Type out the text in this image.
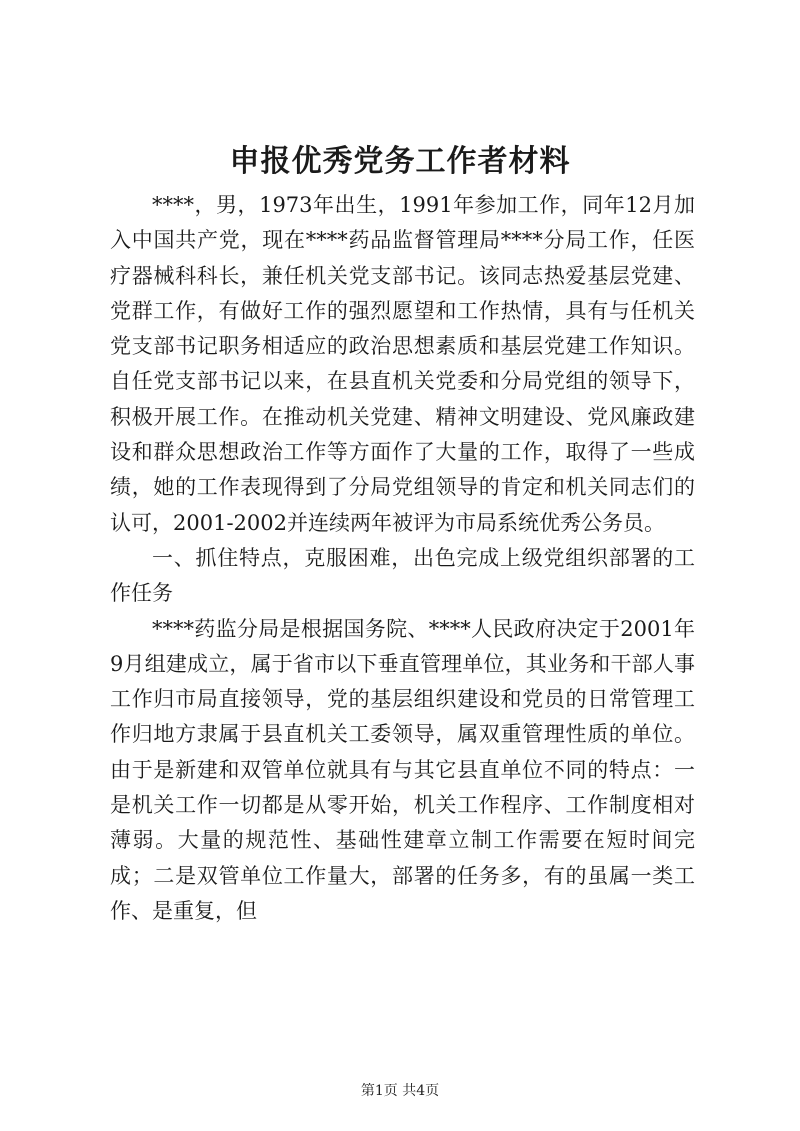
申报优秀党务工作者材料

****，男，1973年出生，1991年参加工作，同年12月加入中国共产党，现在****药品监督管理局****分局工作，任医疗器械科科长，兼任机关党支部书记。该同志热爱基层党建、党群工作，有做好工作的强烈愿望和工作热情，具有与任机关党支部书记职务相适应的政治思想素质和基层党建工作知识。自任党支部书记以来，在县直机关党委和分局党组的领导下，积极开展工作。在推动机关党建、精神文明建设、党风廉政建设和群众思想政治工作等方面作了大量的工作，取得了一些成绩，她的工作表现得到了分局党组领导的肯定和机关同志们的认可，2001-2002并连续两年被评为市局系统优秀公务员。

一、抓住特点，克服困难，出色完成上级党组织部署的工作任务

****药监分局是根据国务院、****人民政府决定于2001年9月组建成立，属于省市以下垂直管理单位，其业务和干部人事工作归市局直接领导，党的基层组织建设和党员的日常管理工作归地方隶属于县直机关工委领导，属双重管理性质的单位。由于是新建和双管单位就具有与其它县直单位不同的特点：一是机关工作一切都是从零开始，机关工作程序、工作制度相对薄弱。大量的规范性、基础性建章立制工作需要在短时间完成；二是双管单位工作量大，部署的任务多，有的虽属一类工作、是重复，但

第1页 共4页
